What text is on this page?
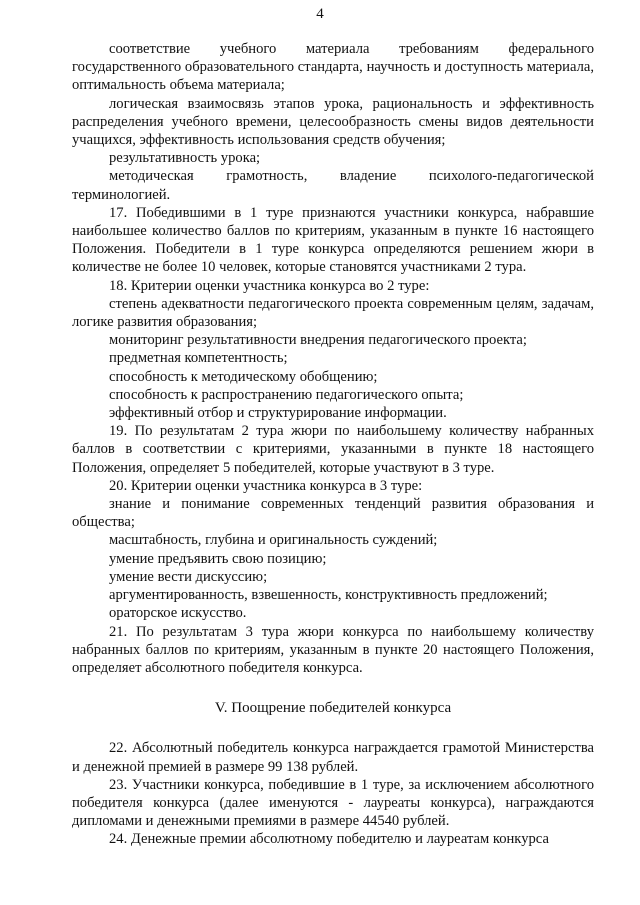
4

соответствие учебного материала требованиям федерального государственного образовательного стандарта, научность и доступность материала, оптимальность объема материала;

логическая взаимосвязь этапов урока, рациональность и эффективность распределения учебного времени, целесообразность смены видов деятельности учащихся, эффективность использования средств обучения;

результативность урока;

методическая грамотность, владение психолого-педагогической терминологией.

17. Победившими в 1 туре признаются участники конкурса, набравшие наибольшее количество баллов по критериям, указанным в пункте 16 настоящего Положения. Победители в 1 туре конкурса определяются решением жюри в количестве не более 10 человек, которые становятся участниками 2 тура.

18. Критерии оценки участника конкурса во 2 туре:

степень адекватности педагогического проекта современным целям, задачам, логике развития образования;

мониторинг результативности внедрения педагогического проекта;

предметная компетентность;

способность к методическому обобщению;

способность к распространению педагогического опыта;

эффективный отбор и структурирование информации.

19. По результатам 2 тура жюри по наибольшему количеству набранных баллов в соответствии с критериями, указанными в пункте 18 настоящего Положения, определяет 5 победителей, которые участвуют в 3 туре.

20. Критерии оценки участника конкурса в 3 туре:

знание и понимание современных тенденций развития образования и общества;

масштабность, глубина и оригинальность суждений;

умение предъявить свою позицию;

умение вести дискуссию;

аргументированность, взвешенность, конструктивность предложений;

ораторское искусство.

21. По результатам 3 тура жюри конкурса по наибольшему количеству набранных баллов по критериям, указанным в пункте 20 настоящего Положения, определяет абсолютного победителя конкурса.

V. Поощрение победителей конкурса

22. Абсолютный победитель конкурса награждается грамотой Министерства и денежной премией в размере 99 138 рублей.

23. Участники конкурса, победившие в 1 туре, за исключением абсолютного победителя конкурса (далее именуются - лауреаты конкурса), награждаются дипломами и денежными премиями в размере 44540 рублей.

24. Денежные премии абсолютному победителю и лауреатам конкурса
